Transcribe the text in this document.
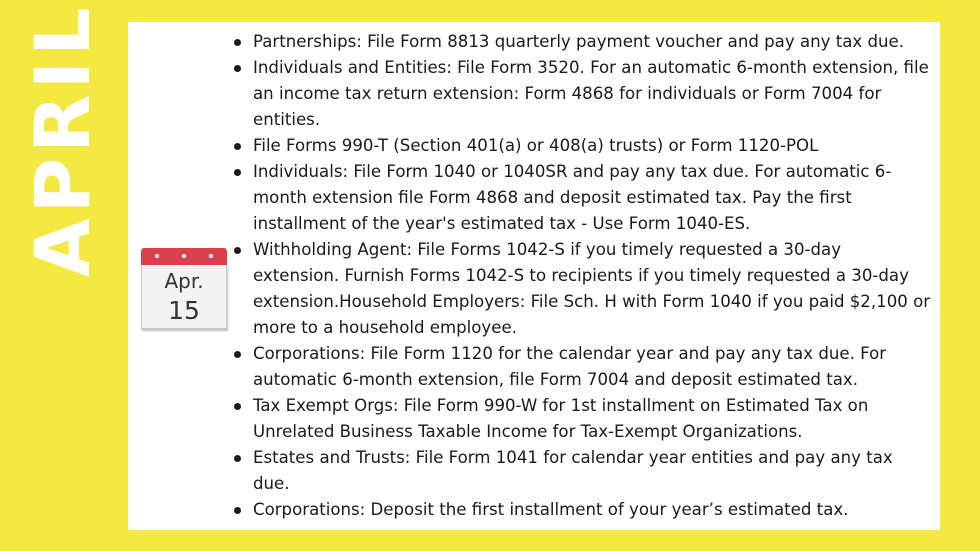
APRIL
Apr.
15
Partnerships: File Form 8813 quarterly payment voucher and pay any tax due.
Individuals and Entities: File Form 3520. For an automatic 6-month extension, file an income tax return extension: Form 4868 for individuals or Form 7004 for entities.
File Forms 990-T (Section 401(a) or 408(a) trusts) or Form 1120-POL
Individuals: File Form 1040 or 1040SR and pay any tax due. For automatic 6-month extension file Form 4868 and deposit estimated tax. Pay the first installment of the year's estimated tax - Use Form 1040-ES.
Withholding Agent: File Forms 1042-S if you timely requested a 30-day extension. Furnish Forms 1042-S to recipients if you timely requested a 30-day extension.Household Employers: File Sch. H with Form 1040 if you paid $2,100 or more to a household employee.
Corporations: File Form 1120 for the calendar year and pay any tax due. For automatic 6-month extension, file Form 7004 and deposit estimated tax.
Tax Exempt Orgs: File Form 990-W for 1st installment on Estimated Tax on Unrelated Business Taxable Income for Tax-Exempt Organizations.
Estates and Trusts: File Form 1041 for calendar year entities and pay any tax due.
Corporations: Deposit the first installment of your year’s estimated tax.
